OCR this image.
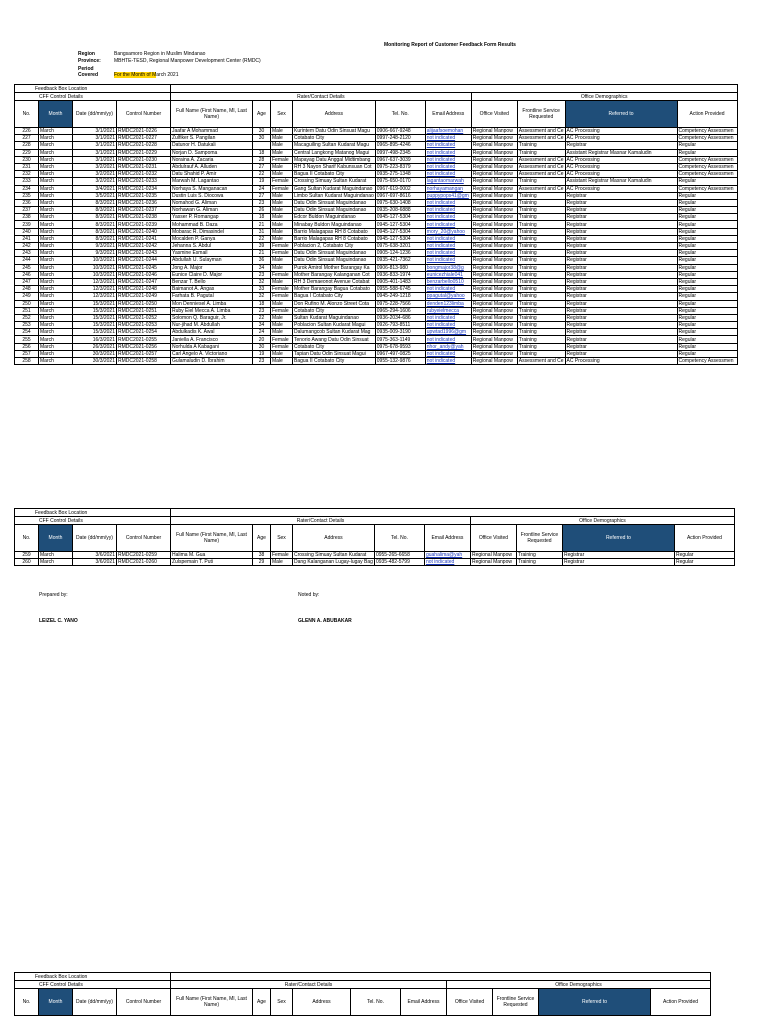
Monitoring Report of Customer Feedback Form Results
Region	Bangsamoro Region in Muslim Mindanao
Province:	MBHTE-TESD, Regional Manpower Development Center (RMDC)
Period Covered	For the Month of March 2021
Feedback Box Location													
CFF Control Details				Rater/Contact Details						Office Demographics			
No.	Month	Date (dd/mm/yy)	Control Number	Full Name (First Name, MI, Last Name)	Age	Sex	Address	Tel. No.	Email Address	Office Visited	Frontline Service Requested	Referred to	Action Provided
226	March	3/1/2021	RMDC2021-0226	Jaafar A Mohammad	30	Male	Kurintem Datu Odin Sinsuat Magu	0906-667-9248	alijaafsoemohan	Regional Manpow	Assessment and Ce	AC Processing	Competency Assessmen
227	March	3/1/2021	RMDC2021-0227	Zulfiker S. Pangilan	30	Male	Cotabato City	0997-248-2120	not indicated	Regional Manpow	Assessment and Ce	AC Processing	Competency Assessmen
228	March	3/1/2021	RMDC2021-0228	Datunor H. Datukali		Male	Macaguiling Sultan Kudarat Magu	0965-895-4246	not indicated	Regional Manpow	Training	Registrar	Regular
229	March	3/1/2021	RMDC2021-0229	Norjan D. Sampoma	18	Male	Central Langkong Matanog Magui	0997-498-2345	not indicated	Regional Manpow	Training	Assistant Registrar Masnar Kamaludin	Regular
230	March	3/1/2021	RMDC2021-0230	Noraina A. Zacaria	28	Female	Mapayag Datu Anggal Midtimbang	0967-637-3039	not indicated	Regional Manpow	Assessment and Ce	AC Processing	Competency Assessmen
231	March	3/2/2021	RMDC2021-0231	Abdulrauf A. Alluden	27	Male	RH 3 Nayon Sharif Kabunsuan Cot	0975-223-8379	not indicated	Regional Manpow	Assessment and Ce	AC Processing	Competency Assessmen
232	March	3/2/2021	RMDC2021-0232	Datu Shahid P. Amir	22	Male	Bagua II Cotabato City	0935-275-1348	not indicated	Regional Manpow	Assessment and Ce	AC Processing	Competency Assessmen
233	March	3/2/2021	RMDC2021-0233	Marwah M. Lagantao	19	Female	Crossing Simuay Sultan Kudarat	0975-650-0170	lagantaomarwah	Regional Manpow	Training	Assistant Registrar Masnar Kamaludin	Regular
234	March	3/4/2021	RMDC2021-0234	Norhaya S. Manganacan	24	Female	Gang Sultan Kudarat Maguindanao	0967-619-0002	norhayamangan	Regional Manpow	Assessment and Ce	AC Processing	Competency Assessmen
235	March	3/5/2021	RMDC2021-0235	Dustin Luis S. Diocowa	27	Male	Limbo Sultan Kudarat Maguindanao	0967-697-8616	puppypops41@gm	Regional Manpow	Training	Registrar	Regular
236	March	8/3/2021	RMDC2021-0236	Nomahod G. Aliman	23	Male	Datu Odin Sinsuat Maguindanao	0975-630-1408	not indicated	Regional Manpow	Training	Registrar	Regular
237	March	8/3/2021	RMDC2021-0237	Norhawan G. Aliman	26	Male	Datu Odin Sinsuat Maguindanao	0935-208-6888	not indicated	Regional Manpow	Training	Registrar	Regular
238	March	8/3/2021	RMDC2021-0238	Yasser P. Romangap	18	Male	Edcor Buldon Maguindanao	0945-127-5304	not indicated	Regional Manpow	Training	Registrar	Regular
239	March	8/3/2021	RMDC2021-0239	Mohammad B. Daza	21	Male	Minabay Buldon Maguindanao	0945-127-5304	not indicated	Regional Manpow	Training	Registrar	Regular
240	March	8/3/2021	RMDC2021-0240	Mobarac R. Dimasindel	31	Male	Barrio Malagapas RH 8 Cotabato	0945-127-5304	mory_20@yahoo	Regional Manpow	Training	Registrar	Regular
241	March	8/3/2021	RMDC2021-0241	Mocalden P. Ganya	22	Male	Barrio Malagapas RH 8 Cotabato	0945-127-5304	not indicated	Regional Manpow	Training	Registrar	Regular
242	March	9/3/2021	RMDC2021-0242	Jehanna S. Abdul	39	Female	Poblacion 2, Cotabato City	0975-638-3201	not indicated	Regional Manpow	Training	Registrar	Regular
243	March	9/3/2021	RMDC2021-0243	Yasmine Esmail	21	Female	Datu Odin Sinsuat Maguindanao	0905-124-1236	not indicated	Regional Manpow	Training	Registrar	Regular
244	March	10/3/2021	RMDC2021-0244	Abdullah U. Sulayman	36	Male	Datu Odin Sinsuat Maguindanao	0935-421-7362	not indicated	Regional Manpow	Training	Registrar	Regular
245	March	10/3/2021	RMDC2021-0245	Jong A. Major	34	Male	Purok Amirol Mother Barangay Ka	0906-813-980	bongmajor38@g	Regional Manpow	Training	Registrar	Regular
246	March	10/3/2021	RMDC2021-0246	Eunice Claire D. Major	23	Female	Mother Barangay Kalanganan Cot	0936-833-1974	eunicezhiale041	Regional Manpow	Training	Registrar	Regular
247	March	12/3/2021	RMDC2021-0247	Benzar T. Bello	32	Male	RH 3 Demaeonot Avenue Cotabat	0905-401-1483	benzarbello0510	Regional Manpow	Training	Registrar	Regular
248	March	12/3/2021	RMDC2021-0248	Baimanot A. Angas	33	Female	Mother Barangay Bagua Cotabato	0955-588-6745	not indicated	Regional Manpow	Training	Registrar	Regular
249	March	12/3/2021	RMDC2021-0249	Farhata B. Pagutal	32	Female	Bagua I Cotabato City	0945-249-1218	ppagutal@yahoo	Regional Manpow	Training	Registrar	Regular
250	March	15/3/2021	RMDC2021-0250	Mon Denniesel A. Limba	18	Male	Don Rufino M. Alonzo Street Cota	0975-228-7566	denden123limba	Regional Manpow	Training	Registrar	Regular
251	March	15/3/2021	RMDC2021-0251	Ruby Eiel Mecca A. Limba	23	Female	Cotabato City	0965-294-1606	rubyeielmecca	Regional Manpow	Training	Registrar	Regular
252	March	15/3/2021	RMDC2021-0252	Solomon Q. Baraguir, Jr.	22	Male	Sultan Kudarat Maguindanao	0936-2034-686	not indicated	Regional Manpow	Training	Registrar	Regular
253	March	15/3/2021	RMDC2021-0253	Nur-jihad M. Abdullah	34	Male	Poblacion Sultan Kudarat Magui	0926-793-8511	not indicated	Regional Manpow	Training	Registrar	Regular
254	March	15/3/2021	RMDC2021-0254	Abdulkadis K. Awal	24	Male	Dalumangcob Sultan Kudarat Mag	0935-009-3190	upwtad1996@gm	Regional Manpow	Training	Registrar	Regular
255	March	16/3/2021	RMDC2021-0255	Janiella A. Francisco	20	Female	Tenorio Awang Datu Odin Sinsuat	0975-363-1149	not indicated	Regional Manpow	Training	Registrar	Regular
256	March	26/3/2021	RMDC2021-0256	Norhulda A Kabagani	30	Female	Cotabato City	0975-678-9593	nhor_andy@yah	Regional Manpow	Training	Registrar	Regular
257	March	30/3/2021	RMDC2021-0257	Carl Angelo A. Victoriano	19	Male	Tapian Datu Odin Sinsuat Magui	0967-497-0825	not indicated	Regional Manpow	Training	Registrar	Regular
258	March	30/3/2021	RMDC2021-0258	Gulamaludin D. Ibrahim	23	Male	Bagua II Cotabato City	0955-132-9876	not indicated	Regional Manpow	Assessment and Ce	AC Processing	Competency Assessmen
Feedback Box Location													
CFF Control Details				Rater/Contact Details						Office Demographics			
No.	Month	Date (dd/mm/yy)	Control Number	Full Name (First Name, MI, Last Name)	Age	Sex	Address	Tel. No.	Email Address	Office Visited	Frontline Service Requested	Referred to	Action Provided
259	March	3/6/2021	RMDC2021-0259	Halima M. Gua	38	Female	Crossing Simuay Sultan Kudarat	0955-265-6658	guahalima@yah	Regional Manpow	Training	Registrar	Regular
260	March	3/6/2021	RMDC2021-0260	Zulspemain T. Puti	29	Male	Dang Kalanganan Lugay-lugay Bag	0935-482-5799	not indicated	Regional Manpow	Training	Registrar	Regular
Feedback Box Location													
CFF Control Details				Rater/Contact Details						Office Demographics			
No.	Month	Date (dd/mm/yy)	Control Number	Full Name (First Name, MI, Last Name)	Age	Sex	Address	Tel. No.	Email Address	Office Visited	Frontline Service Requested	Referred to	Action Provided
Prepared by:	Noted by:
LEIZEL C. YANO	GLENN A. ABUBAKAR
